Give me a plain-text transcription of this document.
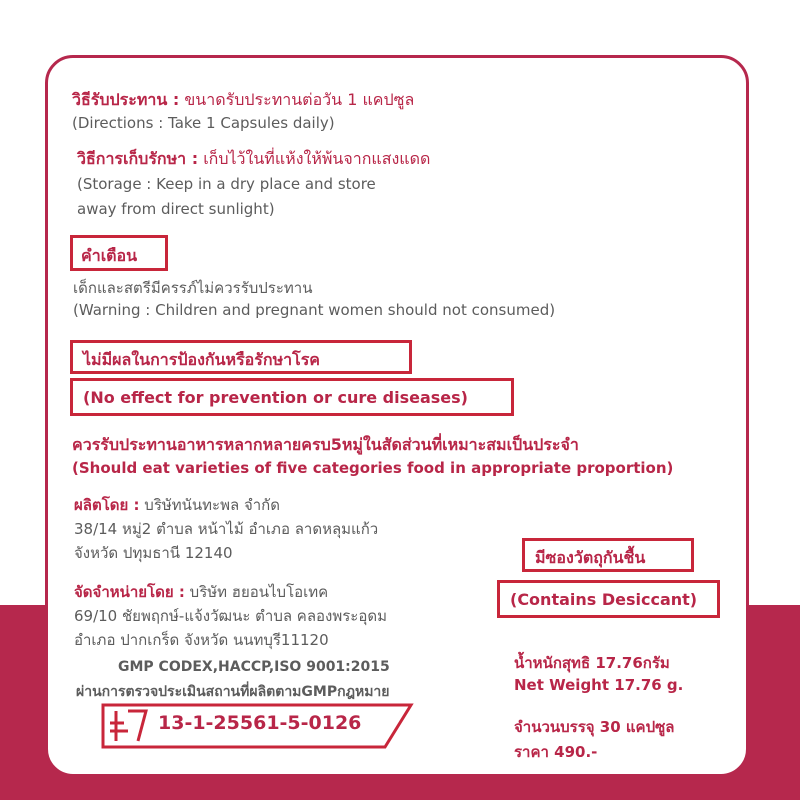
วิธีรับประทาน : ขนาดรับประทานต่อวัน 1 แคปซูล
(Directions : Take 1 Capsules daily)
วิธีการเก็บรักษา : เก็บไว้ในที่แห้งให้พ้นจากแสงแดด
(Storage : Keep in a dry place and store
away from direct sunlight)
คำเตือน
เด็กและสตรีมีครรภ์ไม่ควรรับประทาน
(Warning : Children and pregnant women should not consumed)
ไม่มีผลในการป้องกันหรือรักษาโรค
(No effect for prevention or cure diseases)
ควรรับประทานอาหารหลากหลายครบ5หมู่ในสัดส่วนที่เหมาะสมเป็นประจำ
(Should eat varieties of five categories food in appropriate proportion)
ผลิตโดย : บริษัทนันทะพล จำกัด
38/14 หมู่2 ตำบล หน้าไม้ อำเภอ ลาดหลุมแก้ว
จังหวัด ปทุมธานี 12140
จัดจำหน่ายโดย : บริษัท ฮยอนไบโอเทค
69/10 ชัยพฤกษ์-แจ้งวัฒนะ ตำบล คลองพระอุดม
อำเภอ ปากเกร็ด จังหวัด นนทบุรี11120
มีซองวัตถุกันชื้น
(Contains Desiccant)
GMP CODEX,HACCP,ISO 9001:2015
ผ่านการตรวจประเมินสถานที่ผลิตตามGMPกฎหมาย
13-1-25561-5-0126
น้ำหนักสุทธิ 17.76กรัม
Net Weight 17.76 g.
จำนวนบรรจุ 30 แคปซูล
ราคา 490.-
